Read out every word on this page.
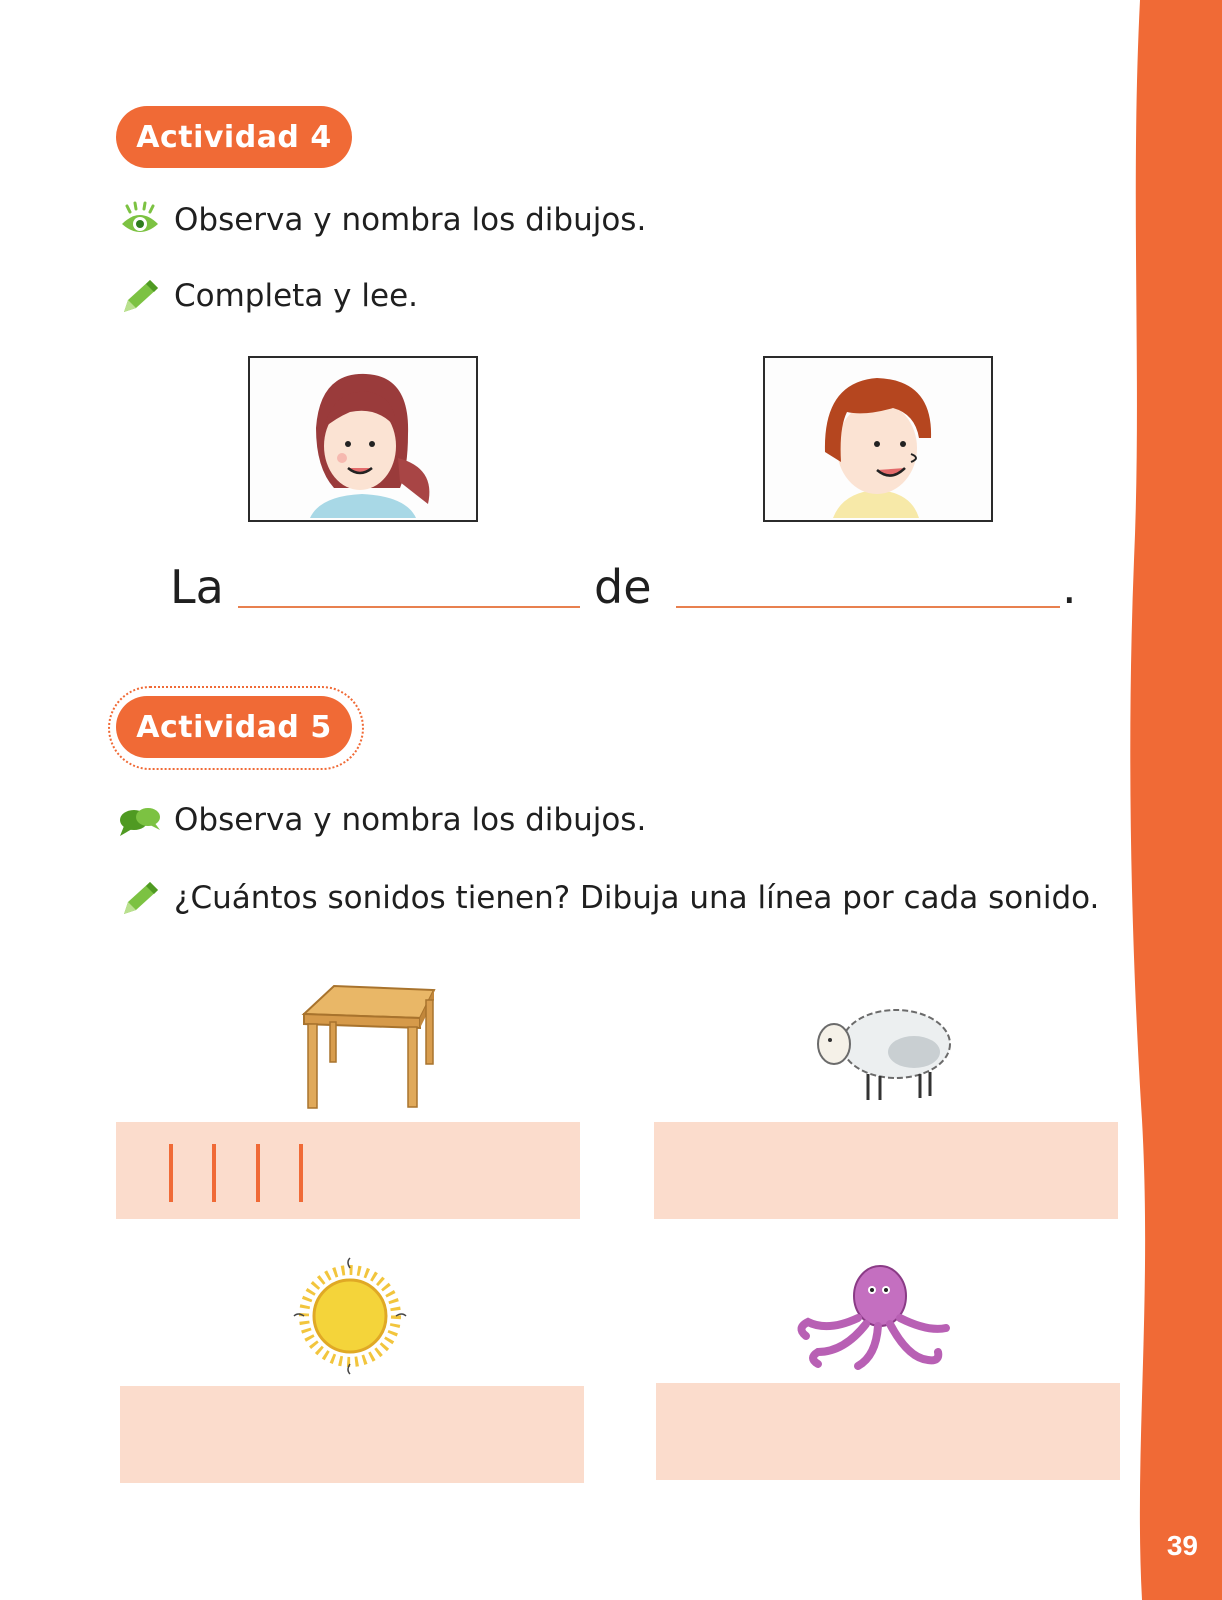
39
Actividad 4
Observa y nombra los dibujos.
Completa y lee.
La	de	.
Actividad 5
Observa y nombra los dibujos.
¿Cuántos sonidos tienen? Dibuja una línea por cada sonido.
